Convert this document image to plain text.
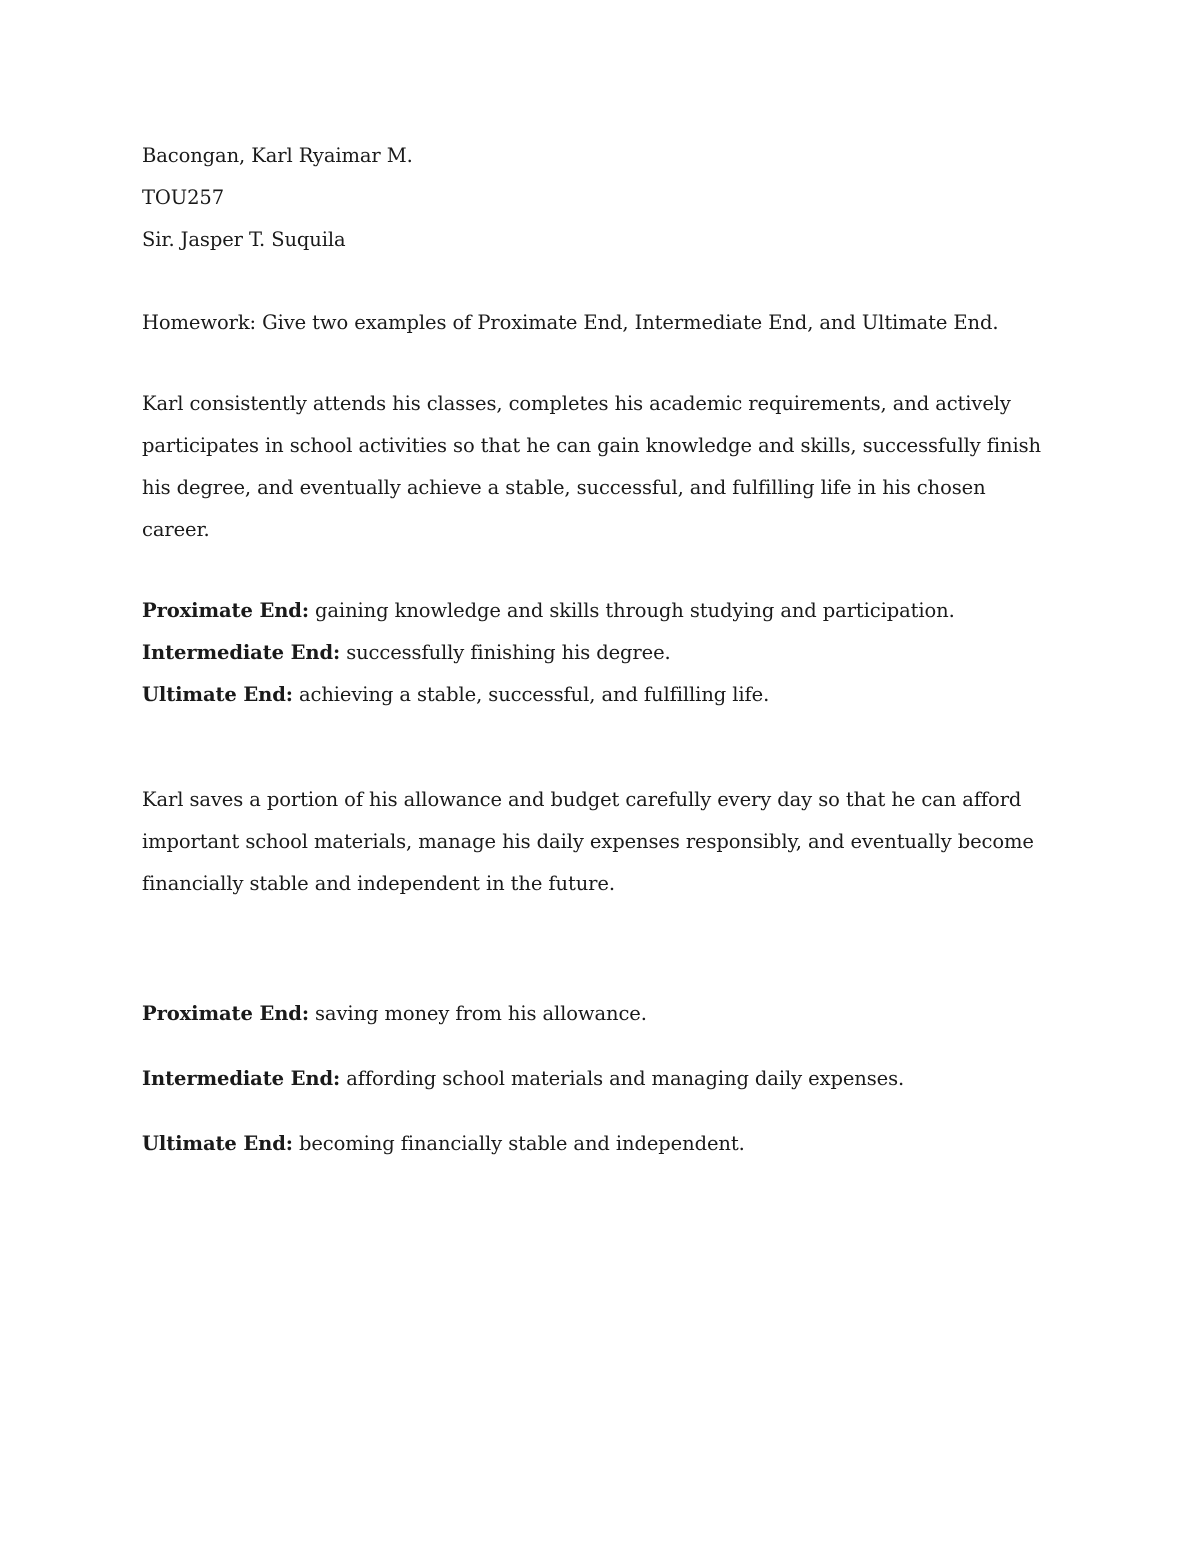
Bacongan, Karl Ryaimar M.
TOU257
Sir. Jasper T. Suquila
Homework: Give two examples of Proximate End, Intermediate End, and Ultimate End.
Karl consistently attends his classes, completes his academic requirements, and actively
participates in school activities so that he can gain knowledge and skills, successfully finish
his degree, and eventually achieve a stable, successful, and fulfilling life in his chosen
career.
Proximate End: gaining knowledge and skills through studying and participation.
Intermediate End: successfully finishing his degree.
Ultimate End: achieving a stable, successful, and fulfilling life.
Karl saves a portion of his allowance and budget carefully every day so that he can afford
important school materials, manage his daily expenses responsibly, and eventually become
financially stable and independent in the future.
Proximate End: saving money from his allowance.
Intermediate End: affording school materials and managing daily expenses.
Ultimate End: becoming financially stable and independent.
